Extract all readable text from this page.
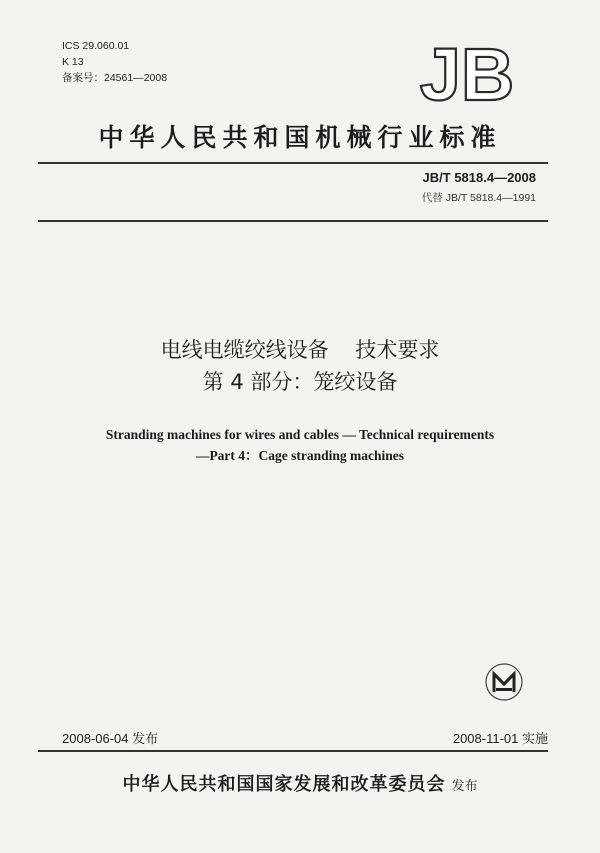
ICS 29.060.01
K 13
备案号：24561—2008	JB
中华人民共和国机械行业标准
JB/T 5818.4—2008
代替 JB/T 5818.4—1991
电线电缆绞线设备    技术要求
第 4 部分：笼绞设备
Stranding machines for wires and cables — Technical requirements
—Part 4：Cage stranding machines
2008-06-04 发布	2008-11-01 实施
中华人民共和国国家发展和改革委员会 发布
